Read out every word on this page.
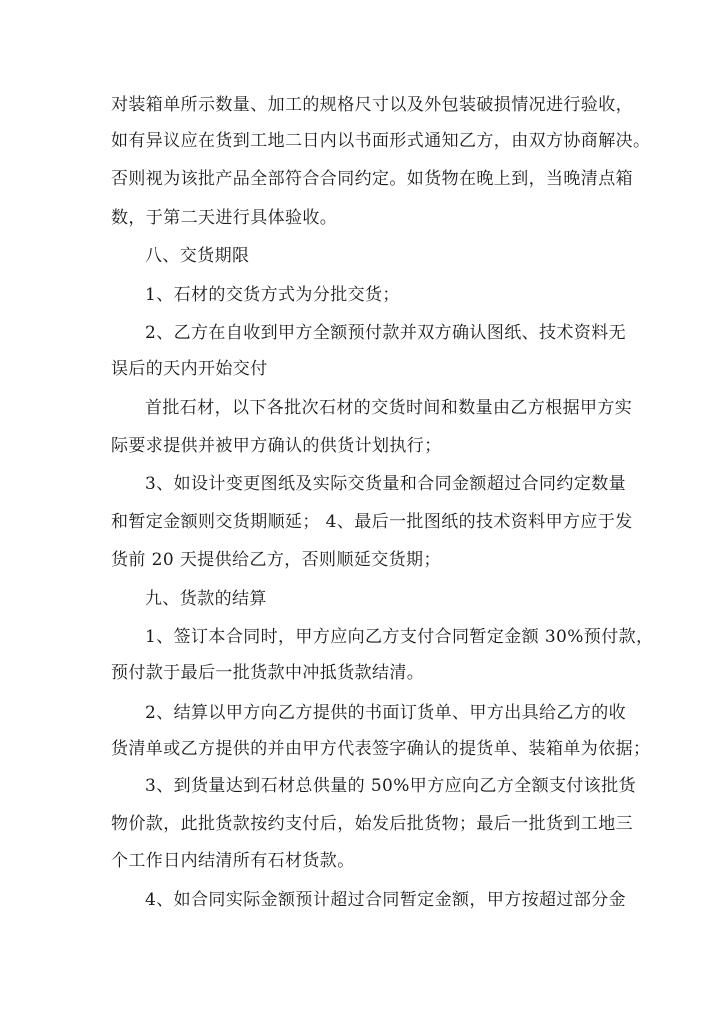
对装箱单所示数量、加工的规格尺寸以及外包装破损情况进行验收，

如有异议应在货到工地二日内以书面形式通知乙方，由双方协商解决。

否则视为该批产品全部符合合同约定。如货物在晚上到，当晚清点箱

数，于第二天进行具体验收。

八、交货期限

1、石材的交货方式为分批交货；

2、乙方在自收到甲方全额预付款并双方确认图纸、技术资料无

误后的天内开始交付

首批石材，以下各批次石材的交货时间和数量由乙方根据甲方实

际要求提供并被甲方确认的供货计划执行；

3、如设计变更图纸及实际交货量和合同金额超过合同约定数量

和暂定金额则交货期顺延； 4、最后一批图纸的技术资料甲方应于发

货前 20 天提供给乙方，否则顺延交货期；

九、货款的结算

1、签订本合同时，甲方应向乙方支付合同暂定金额 30%预付款，

预付款于最后一批货款中冲抵货款结清。

2、结算以甲方向乙方提供的书面订货单、甲方出具给乙方的收

货清单或乙方提供的并由甲方代表签字确认的提货单、装箱单为依据；

3、到货量达到石材总供量的 50%甲方应向乙方全额支付该批货

物价款，此批货款按约支付后，始发后批货物；最后一批货到工地三

个工作日内结清所有石材货款。

4、如合同实际金额预计超过合同暂定金额，甲方按超过部分金
